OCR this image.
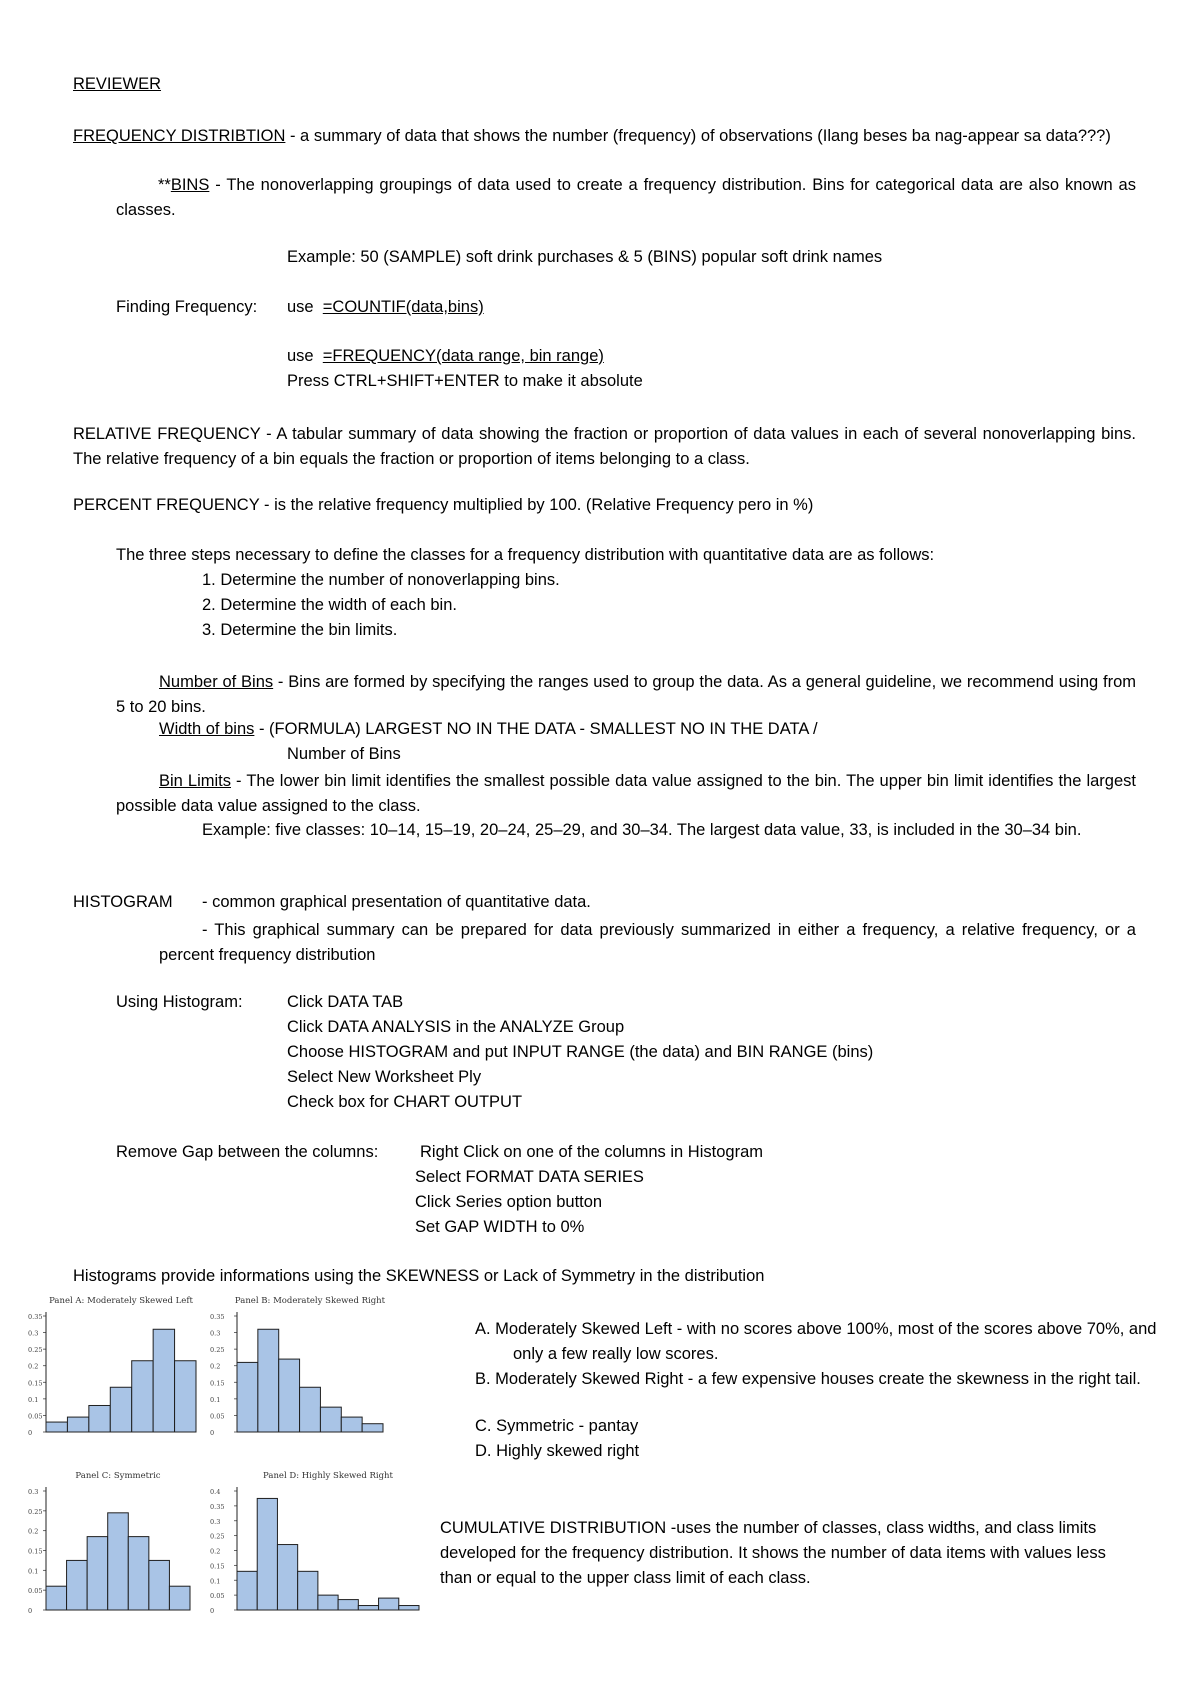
REVIEWER
FREQUENCY DISTRIBTION - a summary of data that shows the number (frequency) of observations (Ilang beses ba nag-appear sa data???)
**BINS - The nonoverlapping groupings of data used to create a frequency distribution. Bins for categorical data are also known as classes.
Example: 50 (SAMPLE) soft drink purchases & 5 (BINS) popular soft drink names
Finding Frequency: use =COUNTIF(data,bins)
use =FREQUENCY(data range, bin range)
Press CTRL+SHIFT+ENTER to make it absolute
RELATIVE FREQUENCY - A tabular summary of data showing the fraction or proportion of data values in each of several nonoverlapping bins. The relative frequency of a bin equals the fraction or proportion of items belonging to a class.
PERCENT FREQUENCY - is the relative frequency multiplied by 100. (Relative Frequency pero in %)
The three steps necessary to define the classes for a frequency distribution with quantitative data are as follows:
1. Determine the number of nonoverlapping bins.
2. Determine the width of each bin.
3. Determine the bin limits.
Number of Bins - Bins are formed by specifying the ranges used to group the data. As a general guideline, we recommend using from 5 to 20 bins.
Width of bins - (FORMULA) LARGEST NO IN THE DATA - SMALLEST NO IN THE DATA /
Number of Bins
Bin Limits - The lower bin limit identifies the smallest possible data value assigned to the bin. The upper bin limit identifies the largest possible data value assigned to the class.
Example: five classes: 10–14, 15–19, 20–24, 25–29, and 30–34. The largest data value, 33, is included in the 30–34 bin.
HISTOGRAM - common graphical presentation of quantitative data.
- This graphical summary can be prepared for data previously summarized in either a frequency, a relative frequency, or a percent frequency distribution
Using Histogram:	Click DATA TAB
Click DATA ANALYSIS in the ANALYZE Group
Choose HISTOGRAM and put INPUT RANGE (the data) and BIN RANGE (bins)
Select New Worksheet Ply
Check box for CHART OUTPUT
Remove Gap between the columns:	Right Click on one of the columns in Histogram
Select FORMAT DATA SERIES
Click Series option button
Set GAP WIDTH to 0%
Histograms provide informations using the SKEWNESS or Lack of Symmetry in the distribution
Panel A: Moderately Skewed Left
0.35
0.3
0.25
0.2
0.15
0.1
0.05
0
Panel B: Moderately Skewed Right
0.35
0.3
0.25
0.2
0.15
0.1
0.05
0
Panel C: Symmetric
0.3
0.25
0.2
0.15
0.1
0.05
0
Panel D: Highly Skewed Right
0.4
0.35
0.3
0.25
0.2
0.15
0.1
0.05
0
A. Moderately Skewed Left - with no scores above 100%, most of the scores above 70%, and only a few really low scores.
B. Moderately Skewed Right - a few expensive houses create the skewness in the right tail.
C. Symmetric - pantay
D. Highly skewed right
CUMULATIVE DISTRIBUTION -uses the number of classes, class widths, and class limits developed for the frequency distribution. It shows the number of data items with values less than or equal to the upper class limit of each class.
